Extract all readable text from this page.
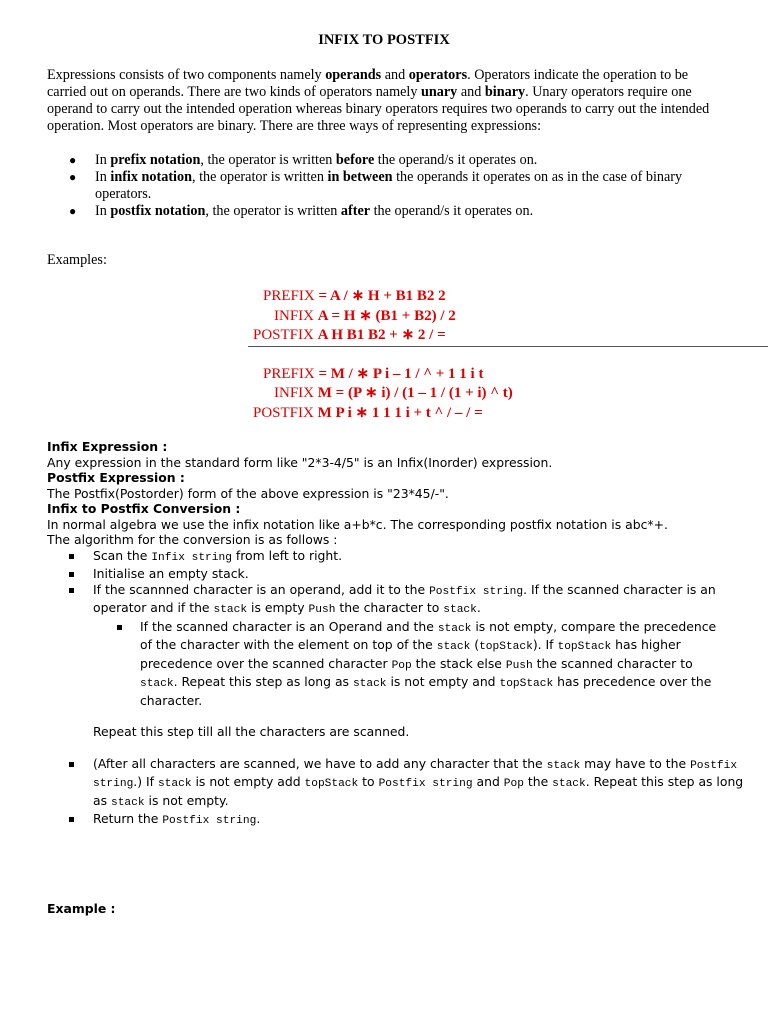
INFIX TO POSTFIX

Expressions consists of two components namely operands and operators. Operators indicate the operation to be carried out on operands. There are two kinds of operators namely unary and binary. Unary operators require one operand to carry out the intended operation whereas binary operators requires two operands to carry out the intended operation. Most operators are binary. There are three ways of representing expressions:

● In prefix notation, the operator is written before the operand/s it operates on.
● In infix notation, the operator is written in between the operands it operates on as in the case of binary operators.
● In postfix notation, the operator is written after the operand/s it operates on.
Examples:
PREFIX = A / ∗ H + B1 B2 2
INFIX A = H ∗ (B1 + B2) / 2
POSTFIX A H B1 B2 + ∗ 2 / =
PREFIX = M / ∗ P i – 1 / ^ + 1 1 i t
INFIX M = (P ∗ i) / (1 – 1 / (1 + i) ^ t)
POSTFIX M P i ∗ 1 1 1 i + t ^ / – / =

Infix Expression :

Any expression in the standard form like "2*3-4/5" is an Infix(Inorder) expression.

Postfix Expression :

The Postfix(Postorder) form of the above expression is "23*45/-".

Infix to Postfix Conversion :

In normal algebra we use the infix notation like a+b*c. The corresponding postfix notation is abc*+.

The algorithm for the conversion is as follows :

Scan the Infix string from left to right.
Initialise an empty stack.
If the scannned character is an operand, add it to the Postfix string. If the scanned character is an operator and if the stack is empty Push the character to stack.
If the scanned character is an Operand and the stack is not empty, compare the precedence of the character with the element on top of the stack (topStack). If topStack has higher precedence over the scanned character Pop the stack else Push the scanned character to stack. Repeat this step as long as stack is not empty and topStack has precedence over the character.

Repeat this step till all the characters are scanned.

(After all characters are scanned, we have to add any character that the stack may have to the Postfix string.) If stack is not empty add topStack to Postfix string and Pop the stack. Repeat this step as long as stack is not empty.
Return the Postfix string.
Example :
